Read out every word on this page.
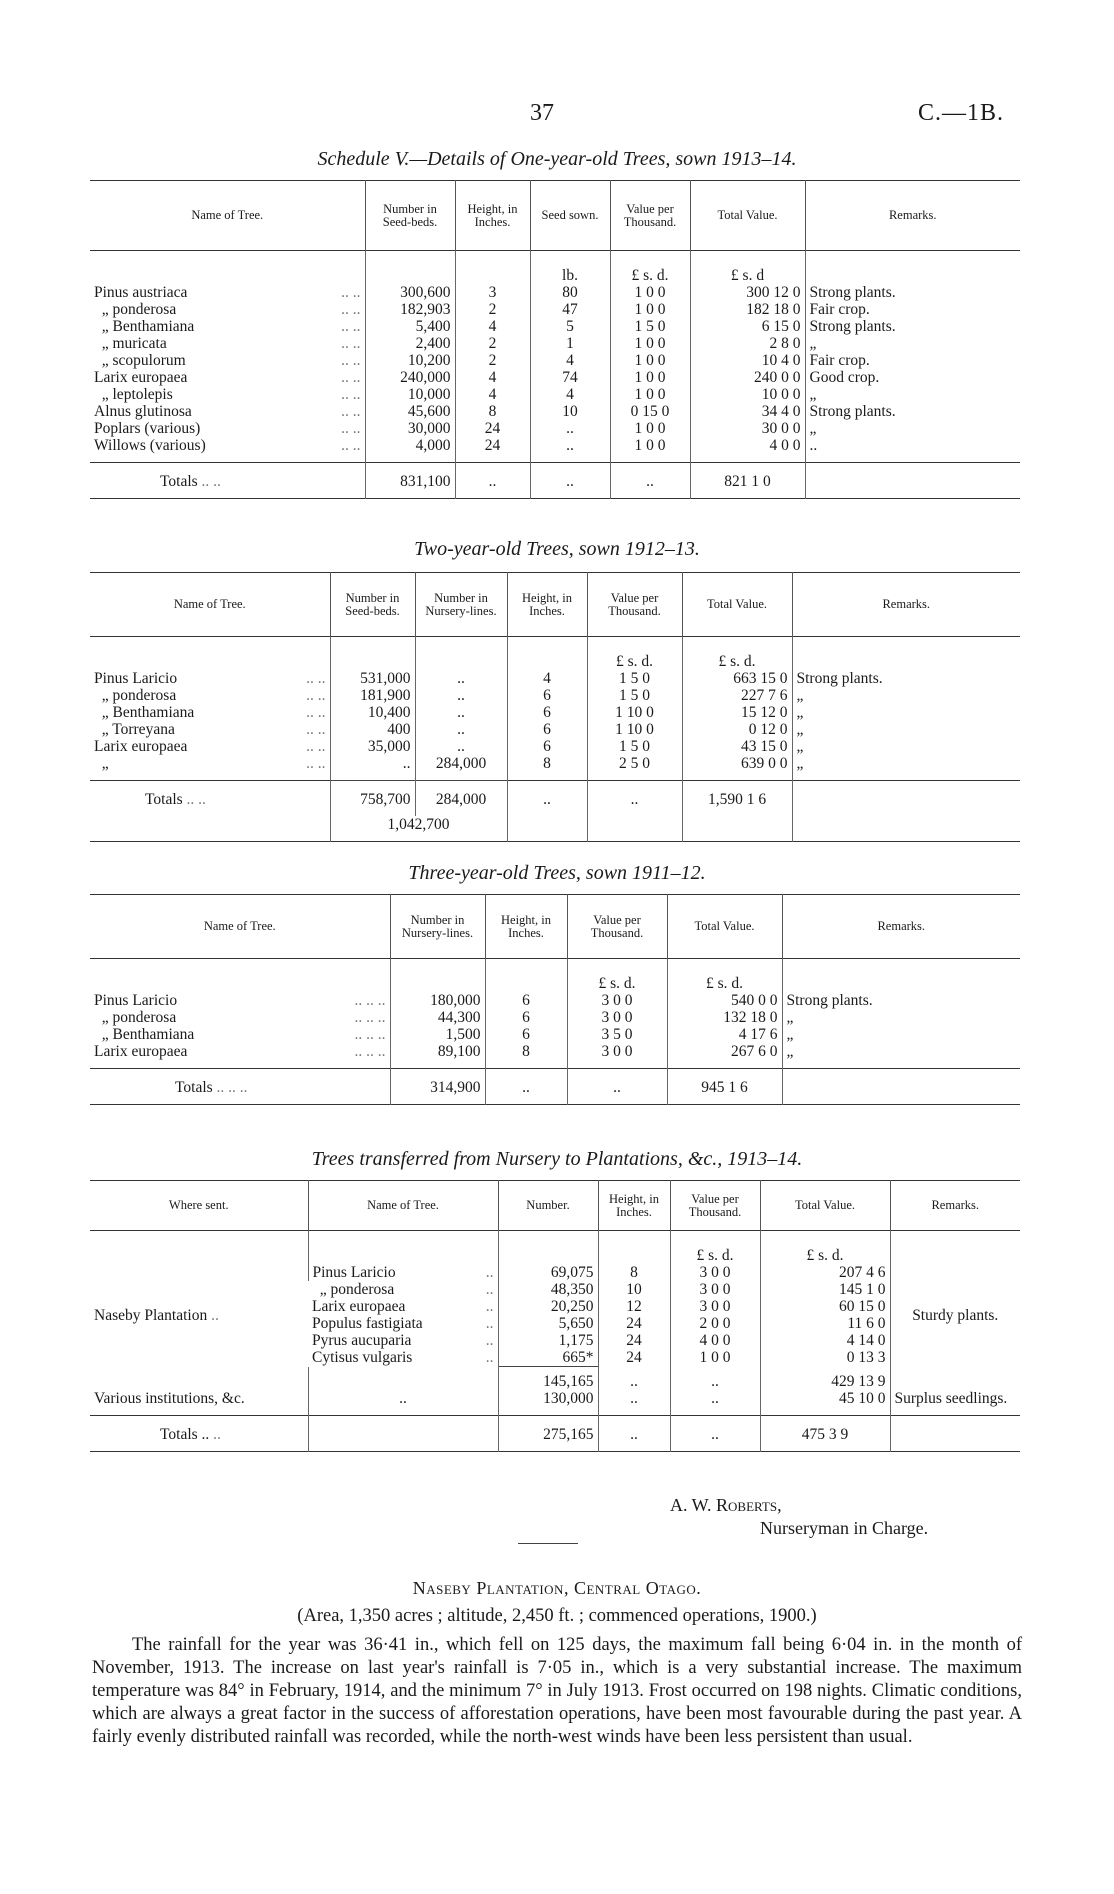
37	C.—1B.
Schedule V.—Details of One-year-old Trees, sown 1913–14.
Name of Tree.	Number in Seed-beds.	Height, in Inches.	Seed sown.	Value per Thousand.	Total Value.	Remarks.
			lb.	£ s. d.	£ s. d	
Pinus austriaca .. ..	300,600	3	80	1 0 0	300 12 0	Strong plants.
„ ponderosa .. ..	182,903	2	47	1 0 0	182 18 0	Fair crop.
„ Benthamiana .. ..	5,400	4	5	1 5 0	6 15 0	Strong plants.
„ muricata .. ..	2,400	2	1	1 0 0	2 8 0	„
„ scopulorum .. ..	10,200	2	4	1 0 0	10 4 0	Fair crop.
Larix europaea .. ..	240,000	4	74	1 0 0	240 0 0	Good crop.
„ leptolepis .. ..	10,000	4	4	1 0 0	10 0 0	„
Alnus glutinosa .. ..	45,600	8	10	0 15 0	34 4 0	Strong plants.
Poplars (various) .. ..	30,000	24	..	1 0 0	30 0 0	„
Willows (various) .. ..	4,000	24	..	1 0 0	4 0 0	..
Totals .. ..	831,100	..	..	..	821 1 0	
Two-year-old Trees, sown 1912–13.
Name of Tree.	Number in Seed-beds.	Number in Nursery-lines.	Height, in Inches.	Value per Thousand.	Total Value.	Remarks.
				£ s. d.	£ s. d.	
Pinus Laricio .. ..	531,000	..	4	1 5 0	663 15 0	Strong plants.
„ ponderosa .. ..	181,900	..	6	1 5 0	227 7 6	„
„ Benthamiana .. ..	10,400	..	6	1 10 0	15 12 0	„
„ Torreyana .. ..	400	..	6	1 10 0	0 12 0	„
Larix europaea .. ..	35,000	..	6	1 5 0	43 15 0	„
„ .. ..	..	284,000	8	2 5 0	639 0 0	„
Totals .. ..	758,700	284,000	..	..	1,590 1 6	
	1,042,700					
Three-year-old Trees, sown 1911–12.
Name of Tree.	Number in Nursery-lines.	Height, in Inches.	Value per Thousand.	Total Value.	Remarks.
			£ s. d.	£ s. d.	
Pinus Laricio .. .. ..	180,000	6	3 0 0	540 0 0	Strong plants.
„ ponderosa .. .. ..	44,300	6	3 0 0	132 18 0	„
„ Benthamiana .. .. ..	1,500	6	3 5 0	4 17 6	„
Larix europaea .. .. ..	89,100	8	3 0 0	267 6 0	„
Totals .. .. ..	314,900	..	..	945 1 6	
Trees transferred from Nursery to Plantations, &c., 1913–14.
Where sent.	Name of Tree.	Number.	Height, in Inches.	Value per Thousand.	Total Value.	Remarks.
				£ s. d.	£ s. d.	
Naseby Plantation ..	Pinus Laricio ..	69,075	8	3 0 0	207 4 6	Sturdy plants.
	„ ponderosa ..	48,350	10	3 0 0	145 1 0	
	Larix europaea ..	20,250	12	3 0 0	60 15 0	
	Populus fastigiata ..	5,650	24	2 0 0	11 6 0	
	Pyrus aucuparia ..	1,175	24	4 0 0	4 14 0	
	Cytisus vulgaris ..	665*	24	1 0 0	0 13 3	
		145,165	..	..	429 13 9	
Various institutions, &c.	..	130,000	..	..	45 10 0	Surplus seedlings.
Totals .. ..		275,165	..	..	475 3 9	
A. W. Roberts,
Nurseryman in Charge.
Naseby Plantation, Central Otago.
(Area, 1,350 acres ; altitude, 2,450 ft. ; commenced operations, 1900.)
The rainfall for the year was 36·41 in., which fell on 125 days, the maximum fall being 6·04 in. in the month of November, 1913. The increase on last year's rainfall is 7·05 in., which is a very substantial increase. The maximum temperature was 84° in February, 1914, and the minimum 7° in July 1913. Frost occurred on 198 nights. Climatic conditions, which are always a great factor in the success of afforestation operations, have been most favourable during the past year. A fairly evenly distributed rainfall was recorded, while the north-west winds have been less persistent than usual.
